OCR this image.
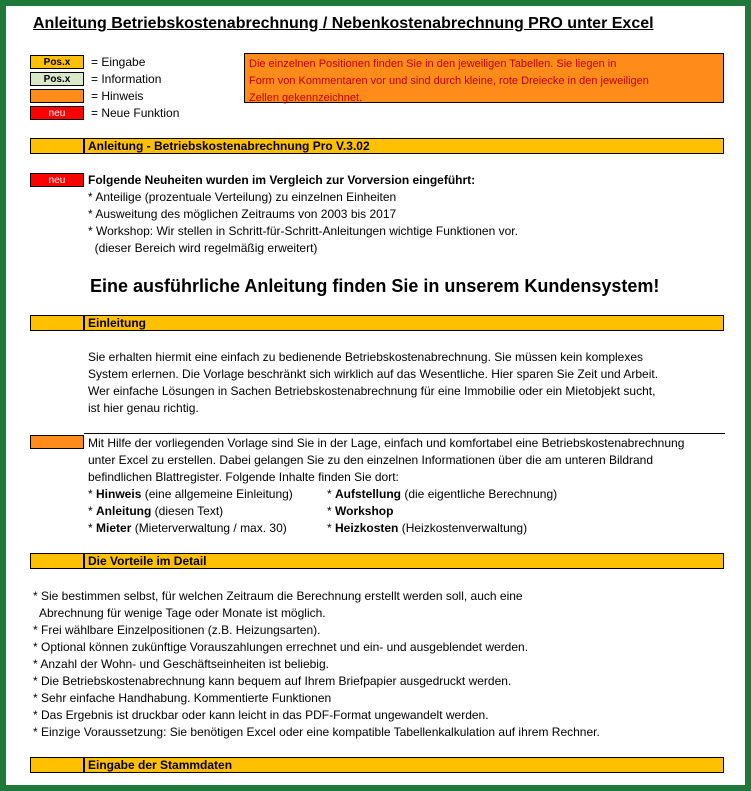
Anleitung Betriebskostenabrechnung / Nebenkostenabrechnung PRO unter Excel
Pos.x	= Eingabe
Pos.x	= Information
= Hinweis
neu	= Neue Funktion
Die einzelnen Positionen finden Sie in den jeweiligen Tabellen. Sie liegen in
Form von Kommentaren vor und sind durch kleine, rote Dreiecke in den jeweiligen
Zellen gekennzeichnet.
Anleitung - Betriebskostenabrechnung Pro V.3.02
neu	Folgende Neuheiten wurden im Vergleich zur Vorversion eingeführt:
* Anteilige (prozentuale Verteilung) zu einzelnen Einheiten
* Ausweitung des möglichen Zeitraums von 2003 bis 2017
* Workshop: Wir stellen in Schritt-für-Schritt-Anleitungen wichtige Funktionen vor.
(dieser Bereich wird regelmäßig erweitert)
Eine ausführliche Anleitung finden Sie in unserem Kundensystem!
Einleitung
Sie erhalten hiermit eine einfach zu bedienende Betriebskostenabrechnung. Sie müssen kein komplexes
System erlernen. Die Vorlage beschränkt sich wirklich auf das Wesentliche. Hier sparen Sie Zeit und Arbeit.
Wer einfache Lösungen in Sachen Betriebskostenabrechnung für eine Immobilie oder ein Mietobjekt sucht,
ist hier genau richtig.
Mit Hilfe der vorliegenden Vorlage sind Sie in der Lage, einfach und komfortabel eine Betriebskostenabrechnung
unter Excel zu erstellen. Dabei gelangen Sie zu den einzelnen Informationen über die am unteren Bildrand
befindlichen Blattregister. Folgende Inhalte finden Sie dort:
* Hinweis (eine allgemeine Einleitung)	* Aufstellung (die eigentliche Berechnung)
* Anleitung (diesen Text)	* Workshop
* Mieter (Mieterverwaltung / max. 30)	* Heizkosten (Heizkostenverwaltung)
Die Vorteile im Detail
* Sie bestimmen selbst, für welchen Zeitraum die Berechnung erstellt werden soll, auch eine
Abrechnung für wenige Tage oder Monate ist möglich.
* Frei wählbare Einzelpositionen (z.B. Heizungsarten).
* Optional können zukünftige Vorauszahlungen errechnet und ein- und ausgeblendet werden.
* Anzahl der Wohn- und Geschäftseinheiten ist beliebig.
* Die Betriebskostenabrechnung kann bequem auf Ihrem Briefpapier ausgedruckt werden.
* Sehr einfache Handhabung. Kommentierte Funktionen
* Das Ergebnis ist druckbar oder kann leicht in das PDF-Format ungewandelt werden.
* Einzige Voraussetzung: Sie benötigen Excel oder eine kompatible Tabellenkalkulation auf ihrem Rechner.
Eingabe der Stammdaten
